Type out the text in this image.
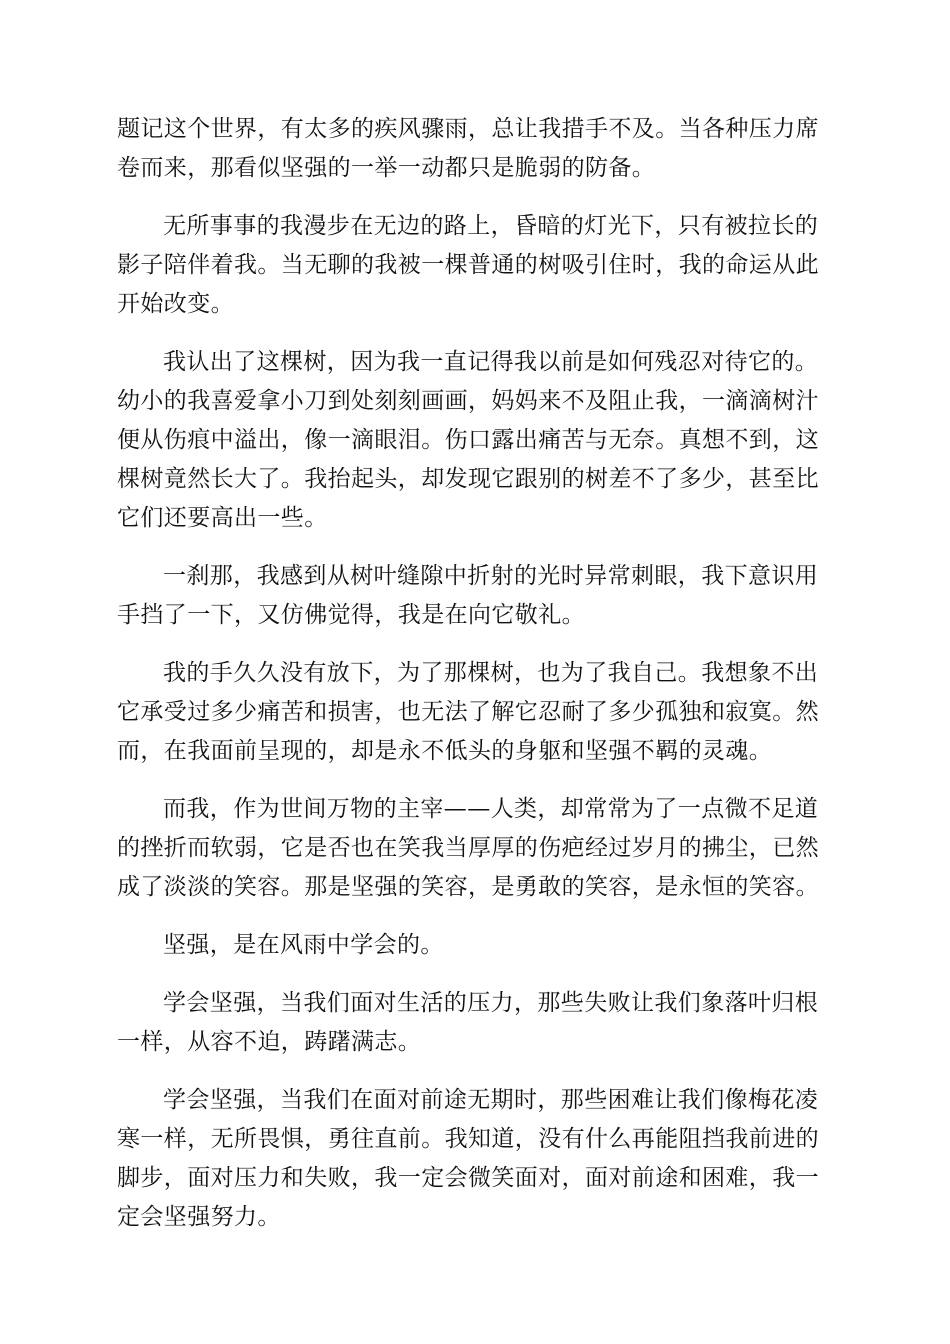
题记这个世界，有太多的疾风骤雨，总让我措手不及。当各种压力席卷而来，那看似坚强的一举一动都只是脆弱的防备。

无所事事的我漫步在无边的路上，昏暗的灯光下，只有被拉长的影子陪伴着我。当无聊的我被一棵普通的树吸引住时，我的命运从此开始改变。

我认出了这棵树，因为我一直记得我以前是如何残忍对待它的。幼小的我喜爱拿小刀到处刻刻画画，妈妈来不及阻止我，一滴滴树汁便从伤痕中溢出，像一滴眼泪。伤口露出痛苦与无奈。真想不到，这棵树竟然长大了。我抬起头，却发现它跟别的树差不了多少，甚至比它们还要高出一些。

一刹那，我感到从树叶缝隙中折射的光时异常刺眼，我下意识用手挡了一下，又仿佛觉得，我是在向它敬礼。

我的手久久没有放下，为了那棵树，也为了我自己。我想象不出它承受过多少痛苦和损害，也无法了解它忍耐了多少孤独和寂寞。然而，在我面前呈现的，却是永不低头的身躯和坚强不羁的灵魂。

而我，作为世间万物的主宰——人类，却常常为了一点微不足道的挫折而软弱，它是否也在笑我当厚厚的伤疤经过岁月的拂尘，已然成了淡淡的笑容。那是坚强的笑容，是勇敢的笑容，是永恒的笑容。

坚强，是在风雨中学会的。

学会坚强，当我们面对生活的压力，那些失败让我们象落叶归根一样，从容不迫，踌躇满志。

学会坚强，当我们在面对前途无期时，那些困难让我们像梅花凌寒一样，无所畏惧，勇往直前。我知道，没有什么再能阻挡我前进的脚步，面对压力和失败，我一定会微笑面对，面对前途和困难，我一定会坚强努力。
